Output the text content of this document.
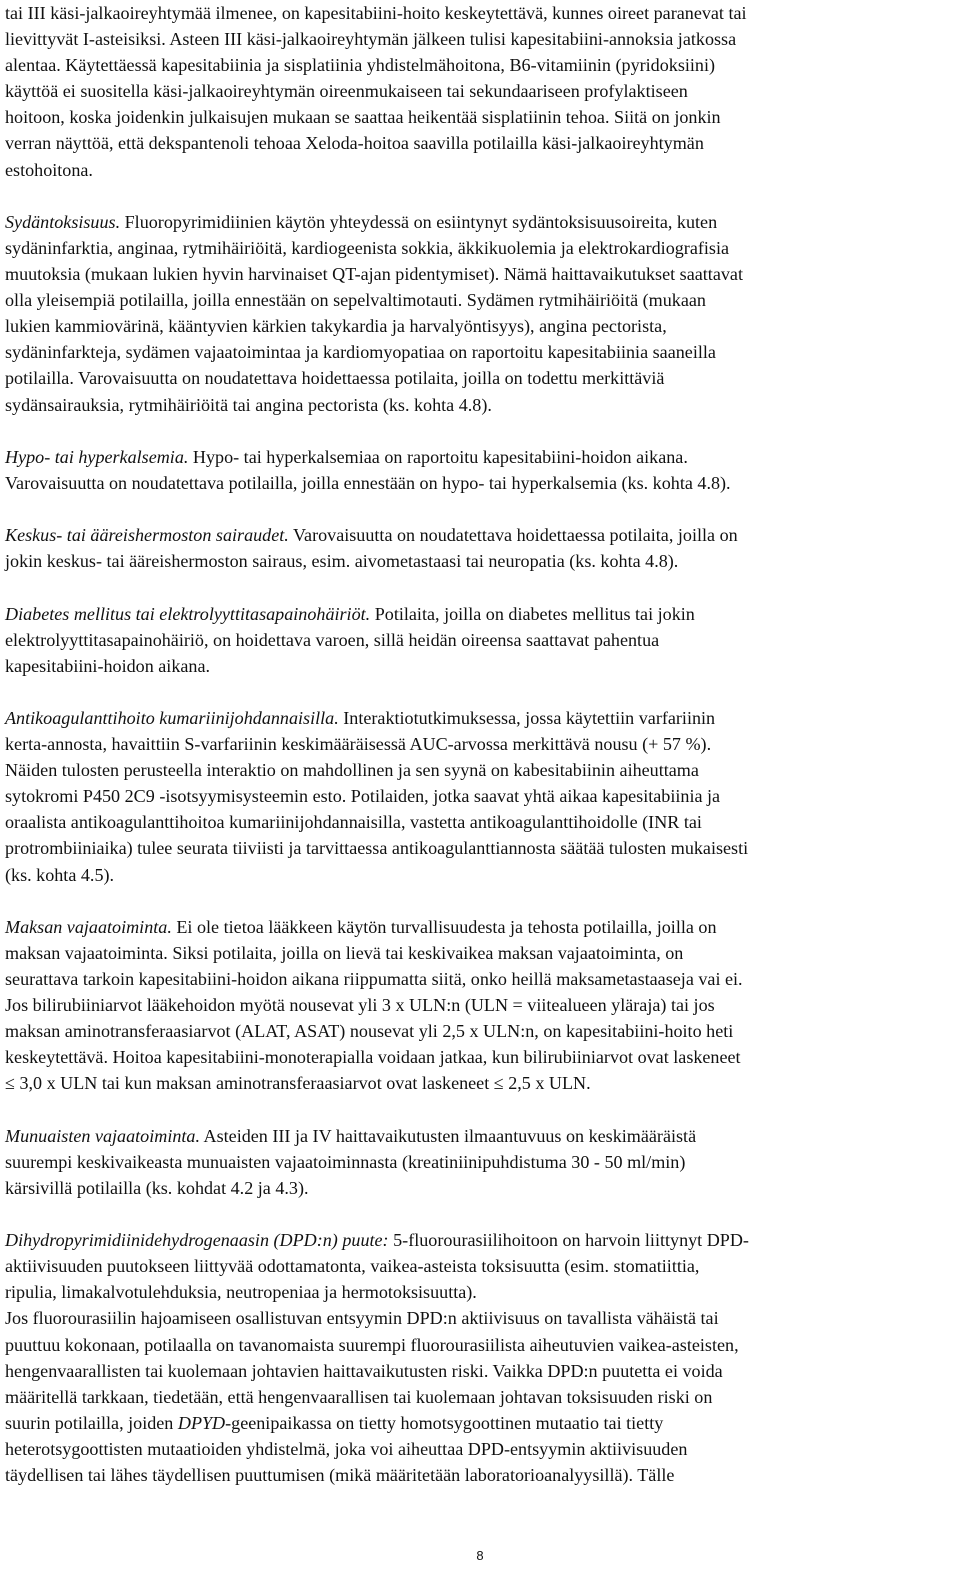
tai III käsi-jalkaoireyhtymää ilmenee, on kapesitabiini-hoito keskeytettävä, kunnes oireet paranevat tai
lievittyvät I-asteisiksi. Asteen III käsi-jalkaoireyhtymän jälkeen tulisi kapesitabiini-annoksia jatkossa
alentaa. Käytettäessä kapesitabiinia ja sisplatiinia yhdistelmähoitona, B6-vitamiinin (pyridoksiini)
käyttöä ei suositella käsi-jalkaoireyhtymän oireenmukaiseen tai sekundaariseen profylaktiseen
hoitoon, koska joidenkin julkaisujen mukaan se saattaa heikentää sisplatiinin tehoa. Siitä on jonkin
verran näyttöä, että dekspantenoli tehoaa Xeloda-hoitoa saavilla potilailla käsi-jalkaoireyhtymän
estohoitona.
Sydäntoksisuus. Fluoropyrimidiinien käytön yhteydessä on esiintynyt sydäntoksisuusoireita, kuten
sydäninfarktia, anginaa, rytmihäiriöitä, kardiogeenista sokkia, äkkikuolemia ja elektrokardiografisia
muutoksia (mukaan lukien hyvin harvinaiset QT-ajan pidentymiset). Nämä haittavaikutukset saattavat
olla yleisempiä potilailla, joilla ennestään on sepelvaltimotauti. Sydämen rytmihäiriöitä (mukaan
lukien kammiovärinä, kääntyvien kärkien takykardia ja harvalyöntisyys), angina pectorista,
sydäninfarkteja, sydämen vajaatoimintaa ja kardiomyopatiaa on raportoitu kapesitabiinia saaneilla
potilailla. Varovaisuutta on noudatettava hoidettaessa potilaita, joilla on todettu merkittäviä
sydänsairauksia, rytmihäiriöitä tai angina pectorista (ks. kohta 4.8).
Hypo- tai hyperkalsemia. Hypo- tai hyperkalsemiaa on raportoitu kapesitabiini-hoidon aikana.
Varovaisuutta on noudatettava potilailla, joilla ennestään on hypo- tai hyperkalsemia (ks. kohta 4.8).
Keskus- tai ääreishermoston sairaudet. Varovaisuutta on noudatettava hoidettaessa potilaita, joilla on
jokin keskus- tai ääreishermoston sairaus, esim. aivometastaasi tai neuropatia (ks. kohta 4.8).
Diabetes mellitus tai elektrolyyttitasapainohäiriöt. Potilaita, joilla on diabetes mellitus tai jokin
elektrolyyttitasapainohäiriö, on hoidettava varoen, sillä heidän oireensa saattavat pahentua
kapesitabiini-hoidon aikana.
Antikoagulanttihoito kumariinijohdannaisilla. Interaktiotutkimuksessa, jossa käytettiin varfariinin
kerta-annosta, havaittiin S-varfariinin keskimääräisessä AUC-arvossa merkittävä nousu (+ 57 %).
Näiden tulosten perusteella interaktio on mahdollinen ja sen syynä on kabesitabiinin aiheuttama
sytokromi P450 2C9 -isotsyymisysteemin esto. Potilaiden, jotka saavat yhtä aikaa kapesitabiinia ja
oraalista antikoagulanttihoitoa kumariinijohdannaisilla, vastetta antikoagulanttihoidolle (INR tai
protrombiiniaika) tulee seurata tiiviisti ja tarvittaessa antikoagulanttiannosta säätää tulosten mukaisesti
(ks. kohta 4.5).
Maksan vajaatoiminta. Ei ole tietoa lääkkeen käytön turvallisuudesta ja tehosta potilailla, joilla on
maksan vajaatoiminta. Siksi potilaita, joilla on lievä tai keskivaikea maksan vajaatoiminta, on
seurattava tarkoin kapesitabiini-hoidon aikana riippumatta siitä, onko heillä maksametastaaseja vai ei.
Jos bilirubiiniarvot lääkehoidon myötä nousevat yli 3 x ULN:n (ULN = viitealueen yläraja) tai jos
maksan aminotransferaasiarvot (ALAT, ASAT) nousevat yli 2,5 x ULN:n, on kapesitabiini-hoito heti
keskeytettävä. Hoitoa kapesitabiini-monoterapialla voidaan jatkaa, kun bilirubiiniarvot ovat laskeneet
≤ 3,0 x ULN tai kun maksan aminotransferaasiarvot ovat laskeneet ≤ 2,5 x ULN.
Munuaisten vajaatoiminta. Asteiden III ja IV haittavaikutusten ilmaantuvuus on keskimääräistä
suurempi keskivaikeasta munuaisten vajaatoiminnasta (kreatiniinipuhdistuma 30 - 50 ml/min)
kärsivillä potilailla (ks. kohdat 4.2 ja 4.3).
Dihydropyrimidiinidehydrogenaasin (DPD:n) puute: 5-fluorourasiilihoitoon on harvoin liittynyt DPD-
aktiivisuuden puutokseen liittyvää odottamatonta, vaikea-asteista toksisuutta (esim. stomatiittia,
ripulia, limakalvotulehduksia, neutropeniaa ja hermotoksisuutta).
Jos fluorourasiilin hajoamiseen osallistuvan entsyymin DPD:n aktiivisuus on tavallista vähäistä tai
puuttuu kokonaan, potilaalla on tavanomaista suurempi fluorourasiilista aiheutuvien vaikea-asteisten,
hengenvaarallisten tai kuolemaan johtavien haittavaikutusten riski. Vaikka DPD:n puutetta ei voida
määritellä tarkkaan, tiedetään, että hengenvaarallisen tai kuolemaan johtavan toksisuuden riski on
suurin potilailla, joiden DPYD-geenipaikassa on tietty homotsygoottinen mutaatio tai tietty
heterotsygoottisten mutaatioiden yhdistelmä, joka voi aiheuttaa DPD-entsyymin aktiivisuuden
täydellisen tai lähes täydellisen puuttumisen (mikä määritetään laboratorioanalyysillä). Tälle
8
